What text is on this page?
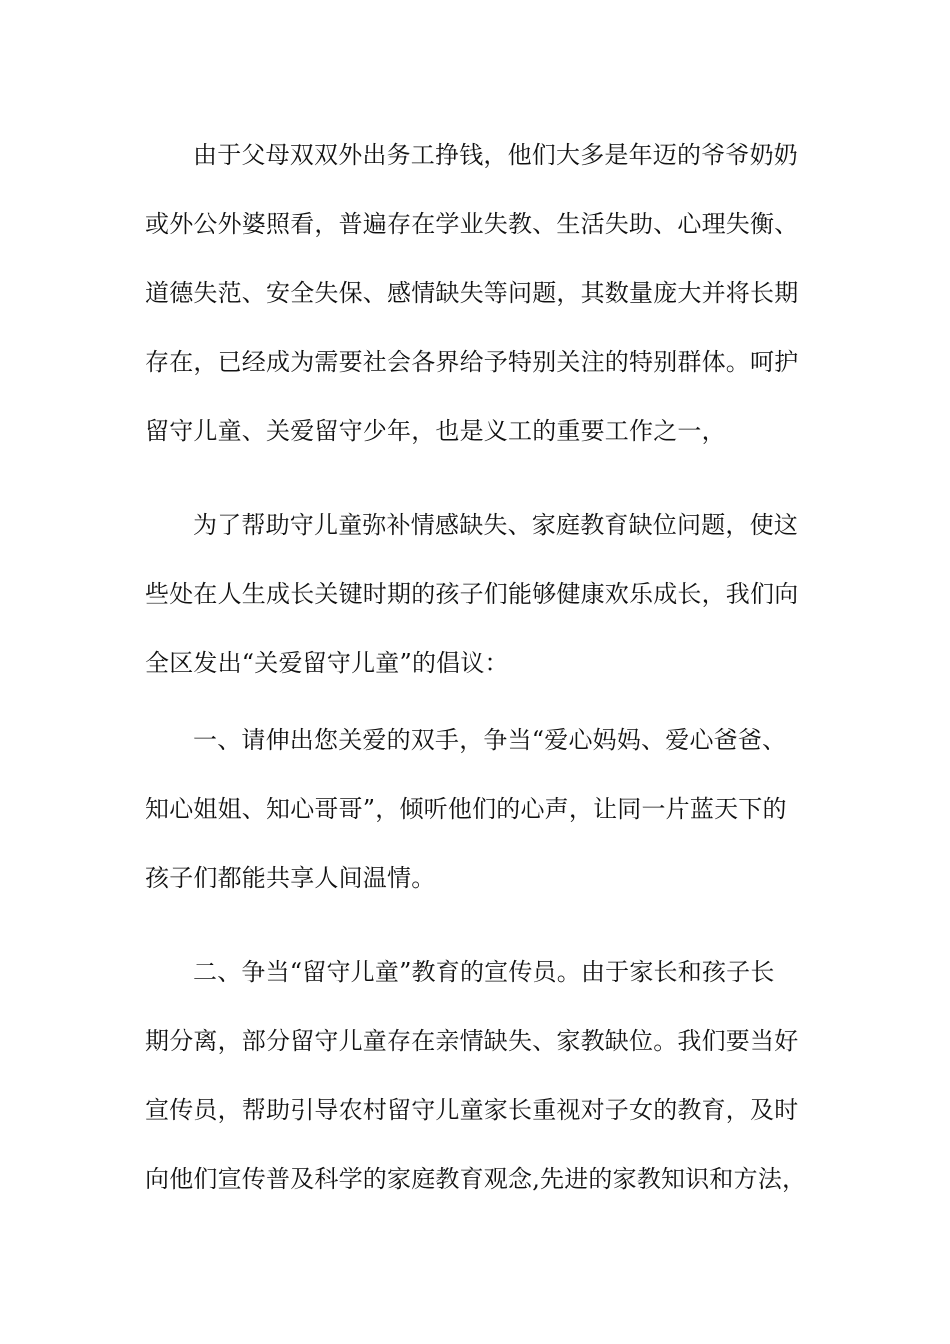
由于父母双双外出务工挣钱，他们大多是年迈的爷爷奶奶
或外公外婆照看，普遍存在学业失教、生活失助、心理失衡、
道德失范、安全失保、感情缺失等问题，其数量庞大并将长期
存在，已经成为需要社会各界给予特别关注的特别群体。呵护
留守儿童、关爱留守少年，也是义工的重要工作之一，
为了帮助守儿童弥补情感缺失、家庭教育缺位问题，使这
些处在人生成长关键时期的孩子们能够健康欢乐成长，我们向
全区发出“关爱留守儿童”的倡议：
一、请伸出您关爱的双手，争当“爱心妈妈、爱心爸爸、
知心姐姐、知心哥哥”，倾听他们的心声，让同一片蓝天下的
孩子们都能共享人间温情。
二、争当“留守儿童”教育的宣传员。由于家长和孩子长
期分离，部分留守儿童存在亲情缺失、家教缺位。我们要当好
宣传员，帮助引导农村留守儿童家长重视对子女的教育，及时
向他们宣传普及科学的家庭教育观念,先进的家教知识和方法，
